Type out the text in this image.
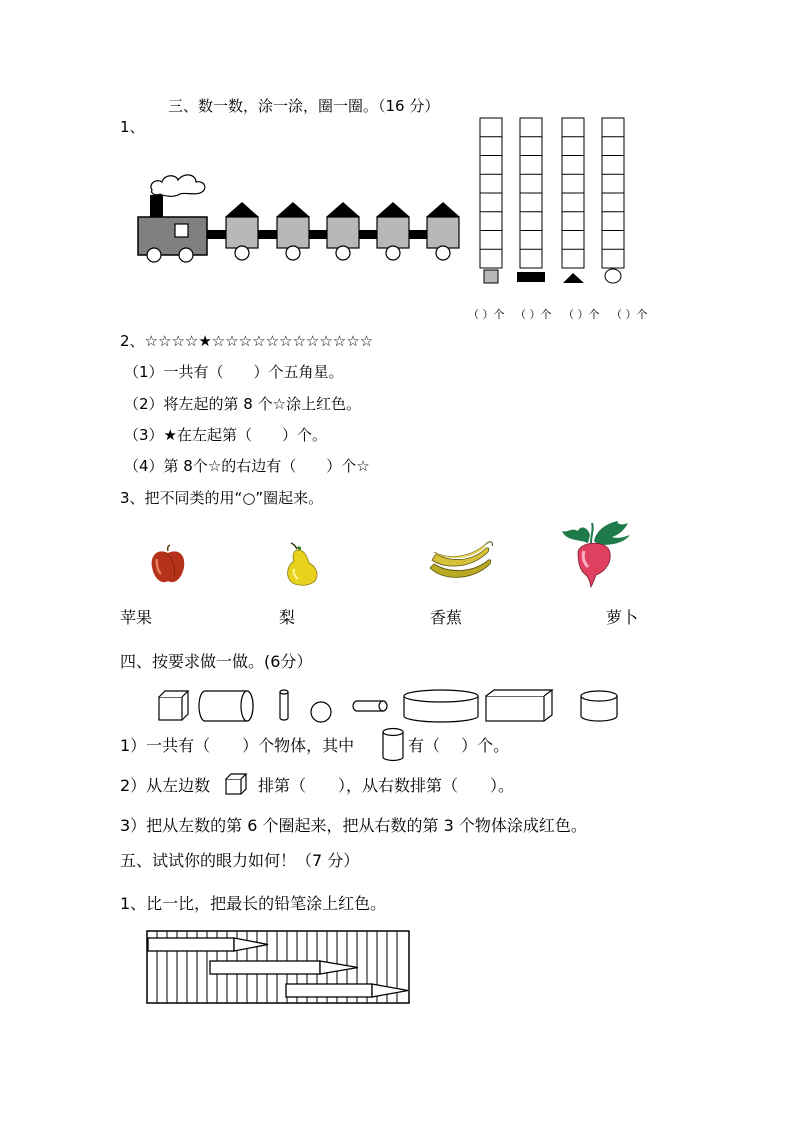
三、数一数，涂一涂，圈一圈。（16 分）
1、
（ ）个 （ ）个 （ ）个 （ ）个
2、☆☆☆☆★☆☆☆☆☆☆☆☆☆☆☆☆
（1）一共有（　　）个五角星。
（2）将左起的第 8 个☆涂上红色。
（3）★在左起第（　　）个。
（4）第 8个☆的右边有（　　）个☆
3、把不同类的用“○”圈起来。
苹果	梨	香蕉	萝卜
四、按要求做一做。(6分）
1）一共有（　　）个物体，其中	有（　 ）个。
2）从左边数	排第（　　），从右数排第（　　）。
3）把从左数的第 6 个圈起来，把从右数的第 3 个物体涂成红色。
五、试试你的眼力如何！（7 分）
1、比一比，把最长的铅笔涂上红色。
